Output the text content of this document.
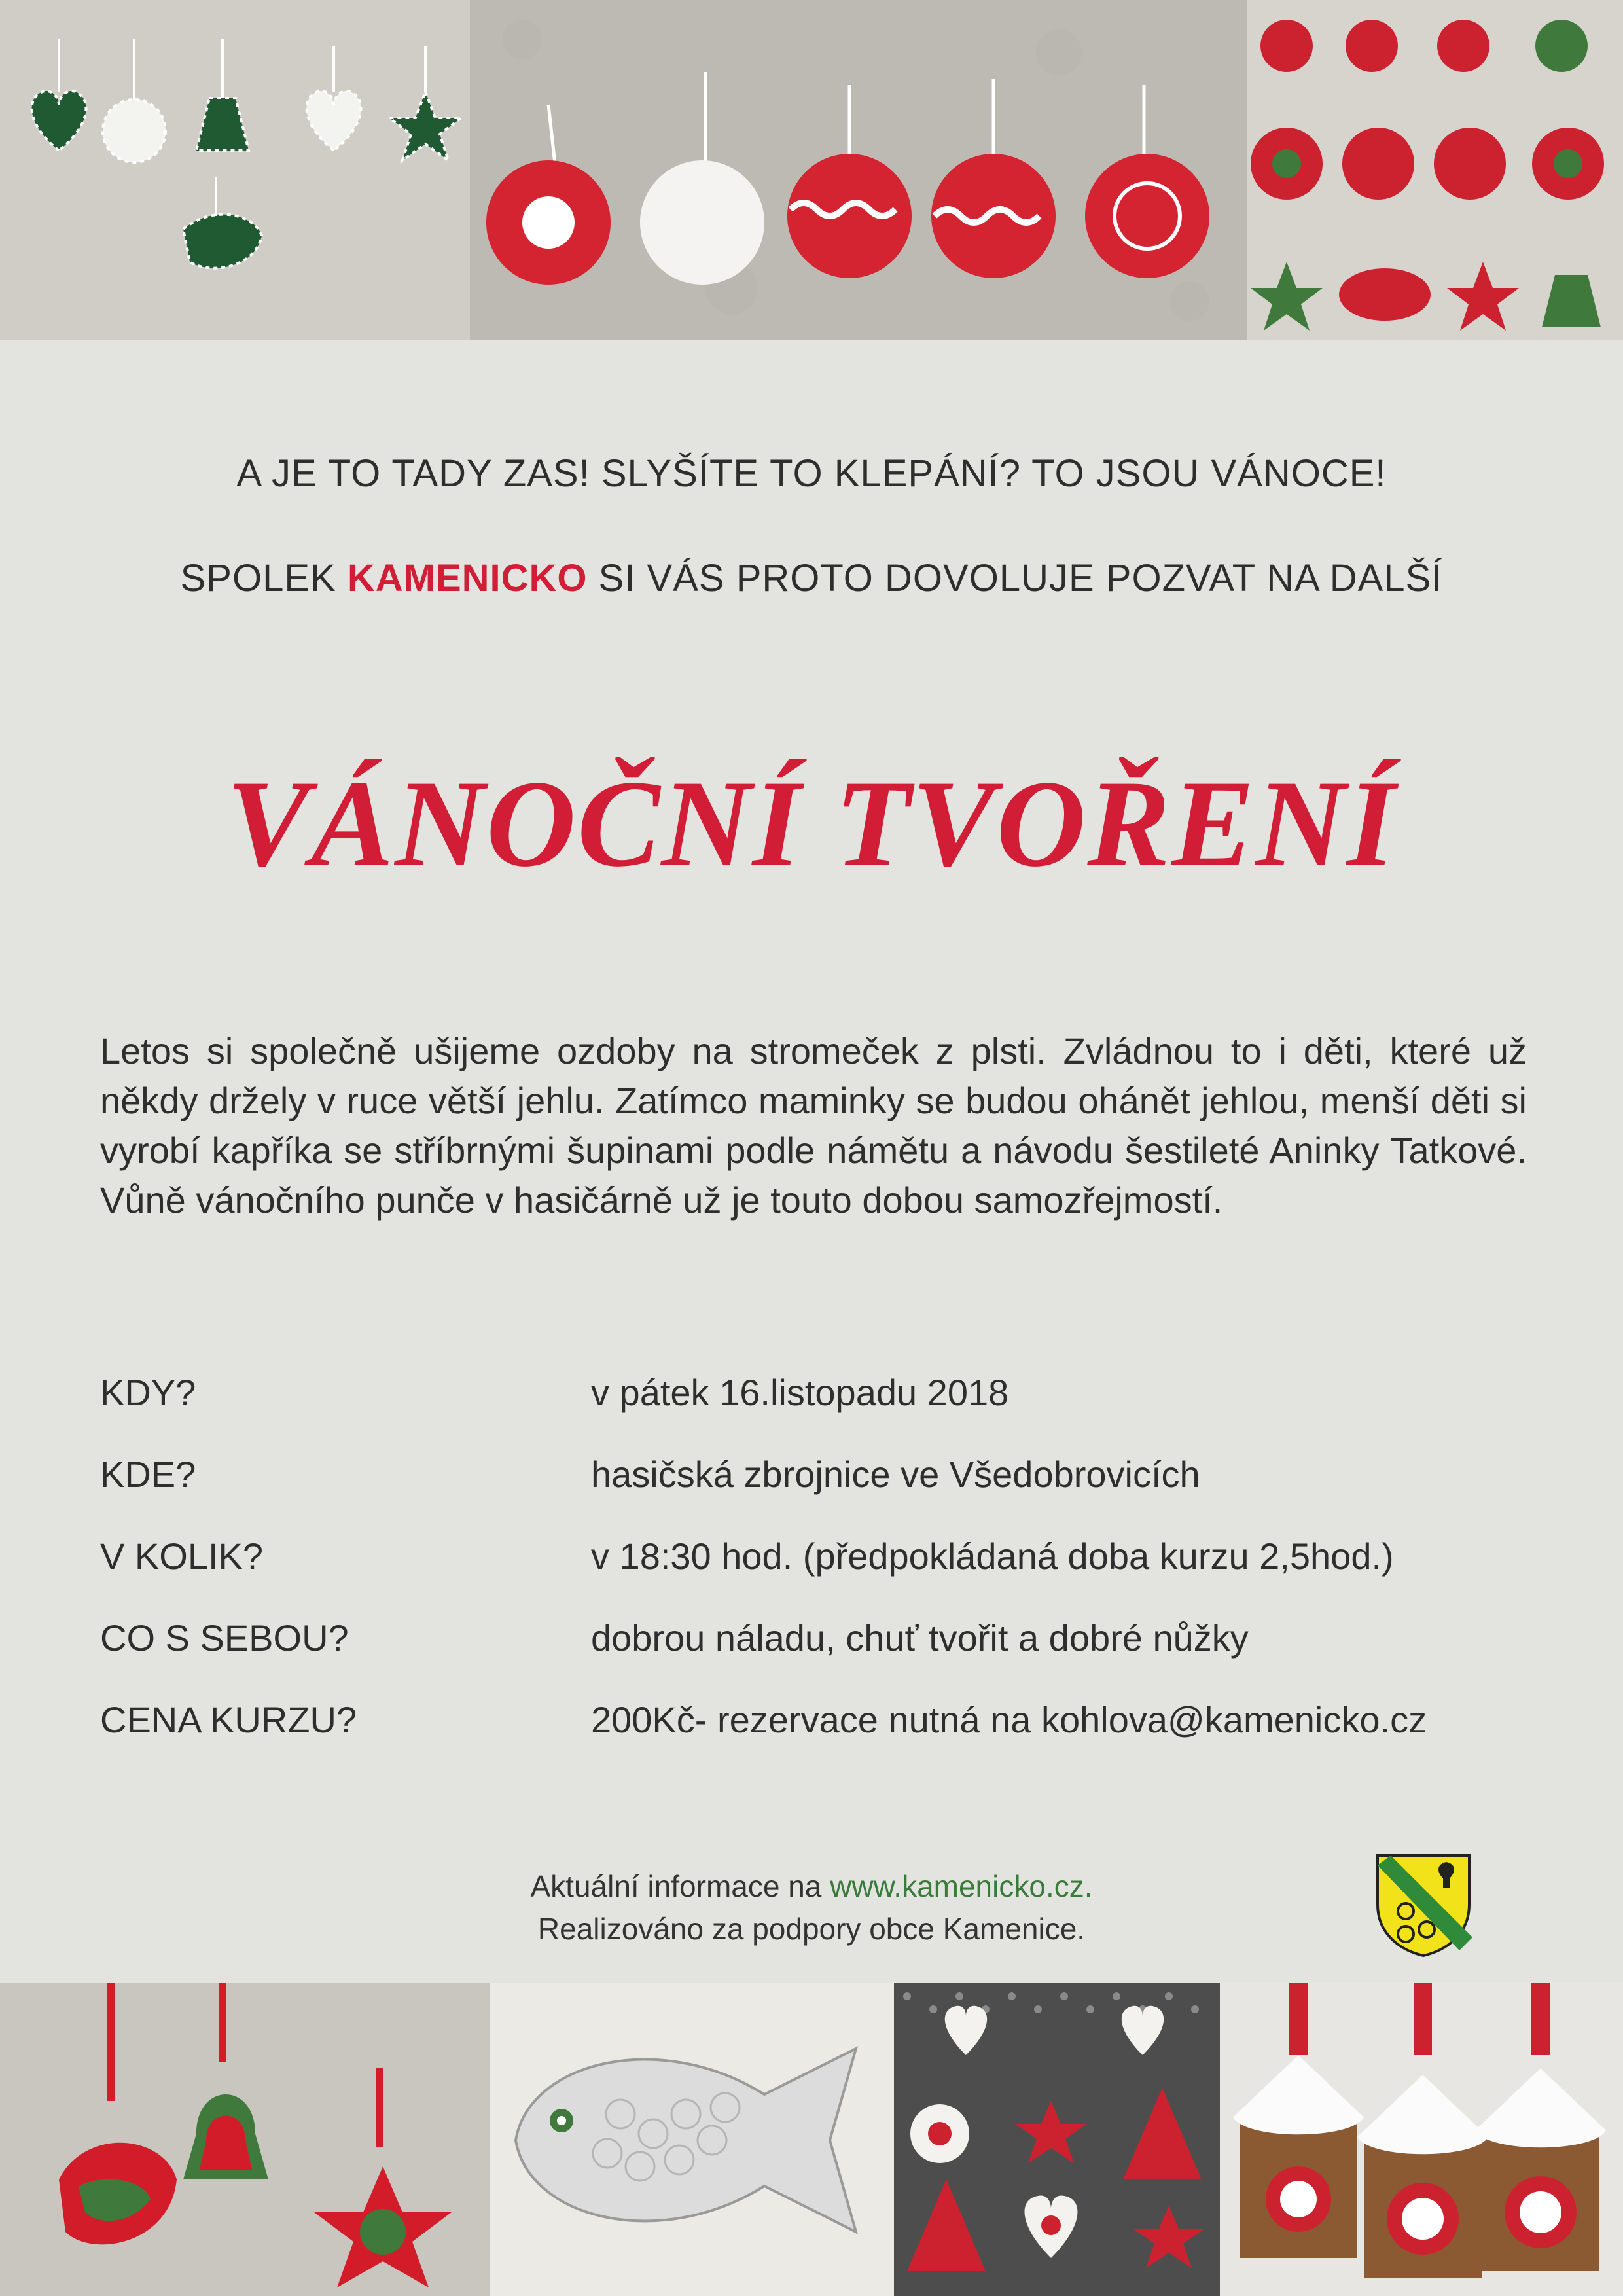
A JE TO TADY ZAS! SLYŠÍTE TO KLEPÁNÍ? TO JSOU VÁNOCE!
SPOLEK KAMENICKO SI VÁS PROTO DOVOLUJE POZVAT NA DALŠÍ
VÁNOČNÍ TVOŘENÍ
Letos si společně ušijeme ozdoby na stromeček z plsti. Zvládnou to i děti, které už někdy držely v ruce větší jehlu. Zatímco maminky se budou ohánět jehlou, menší děti si vyrobí kapříka se stříbrnými šupinami podle námětu a návodu šestileté Aninky Tatkové. Vůně vánočního punče v hasičárně už je touto dobou samozřejmostí.
KDY?	v pátek 16.listopadu 2018
KDE?	hasičská zbrojnice ve Všedobrovicích
V KOLIK?	v 18:30 hod. (předpokládaná doba kurzu 2,5hod.)
CO S SEBOU?	dobrou náladu, chuť tvořit a dobré nůžky
CENA KURZU?	200Kč- rezervace nutná na kohlova@kamenicko.cz
Aktuální informace na www.kamenicko.cz.
Realizováno za podpory obce Kamenice.
